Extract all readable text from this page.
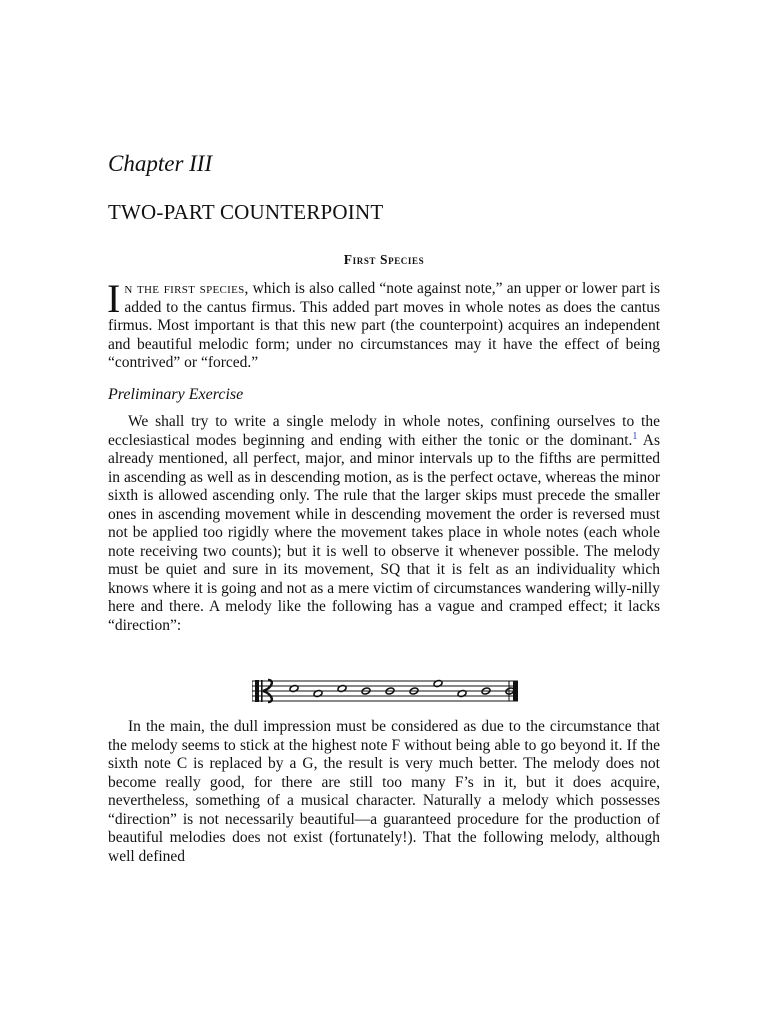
Chapter III
TWO-PART COUNTERPOINT
First Species

In the first species, which is also called “note against note,” an upper or lower part is added to the cantus firmus. This added part moves in whole notes as does the cantus firmus. Most important is that this new part (the counterpoint) acquires an independent and beautiful melodic form; under no circumstances may it have the effect of being “contrived” or “forced.”

Preliminary Exercise

We shall try to write a single melody in whole notes, confining ourselves to the ecclesiastical modes beginning and ending with either the tonic or the dominant.$^1$ As already mentioned, all perfect, major, and minor intervals up to the fifths are permitted in ascending as well as in descending motion, as is the perfect octave, whereas the minor sixth is allowed ascending only. The rule that the larger skips must precede the smaller ones in ascending movement while in descending movement the order is reversed must not be applied too rigidly where the movement takes place in whole notes (each whole note receiving two counts); but it is well to observe it whenever possible. The melody must be quiet and sure in its movement, SQ that it is felt as an individuality which knows where it is going and not as a mere victim of circumstances wandering willy-nilly here and there. A melody like the following has a vague and cramped effect; it lacks “direction”:

In the main, the dull impression must be considered as due to the circumstance that the melody seems to stick at the highest note F without being able to go beyond it. If the sixth note C is replaced by a G, the result is very much better. The melody does not become really good, for there are still too many F’s in it, but it does acquire, nevertheless, something of a musical character. Naturally a melody which possesses “direction” is not necessarily beautiful—a guaranteed procedure for the production of beautiful melodies does not exist (fortunately!). That the following melody, although well defined
